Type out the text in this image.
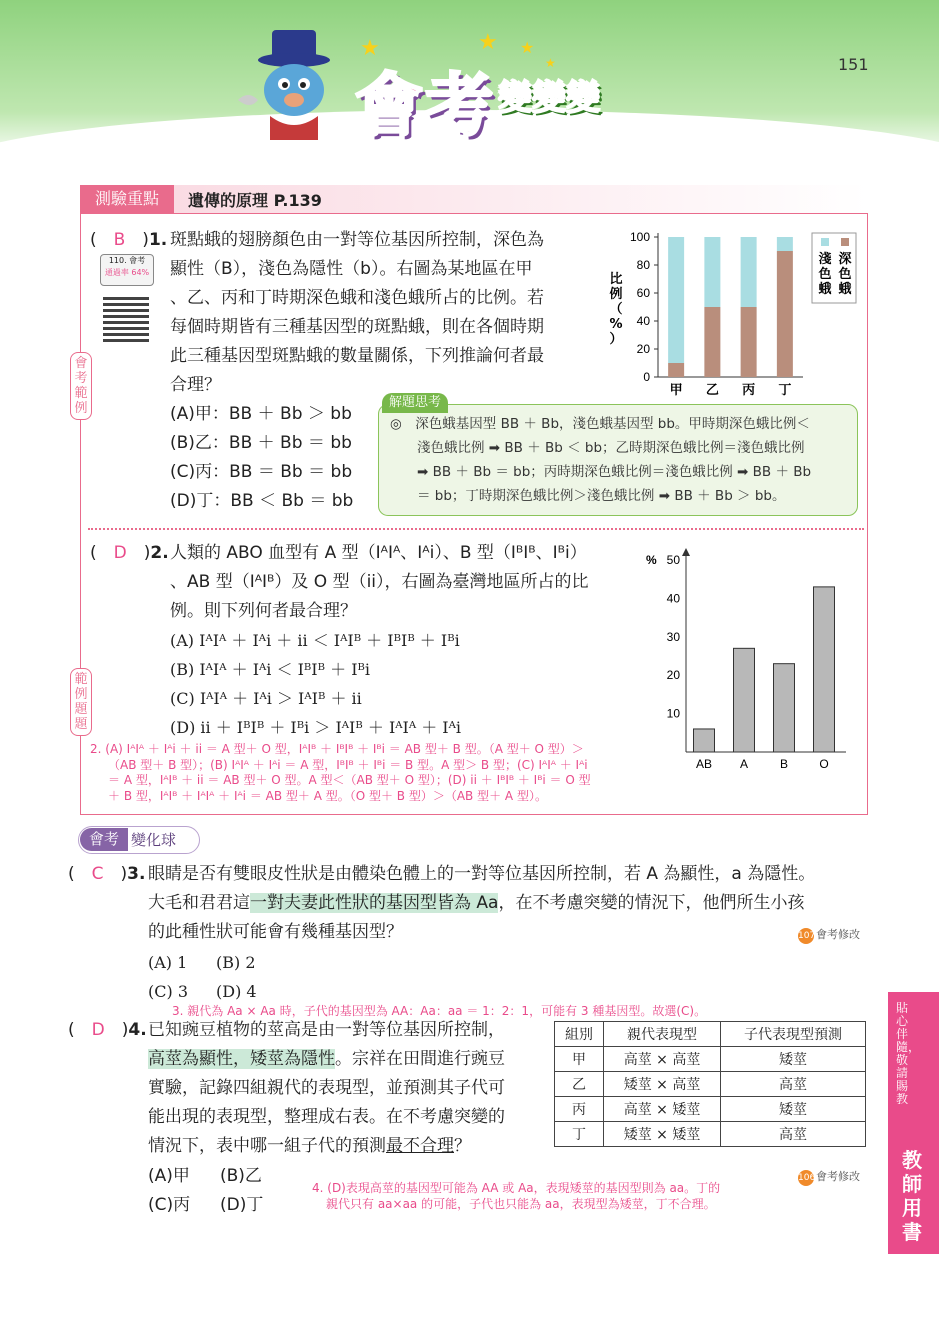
會考 變變變
★	★ ★
★	151
測驗重點	遺傳的原理 P.139
會考範例
範例題題
(　B　)1.
110. 會考
通過率 64%
斑點蛾的翅膀顏色由一對等位基因所控制，深色為
顯性（B），淺色為隱性（b）。右圖為某地區在甲
、乙、丙和丁時期深色蛾和淺色蛾所占的比例。若
每個時期皆有三種基因型的斑點蛾，則在各個時期
此三種基因型斑點蛾的數量關係，下列推論何者最
合理？
(A)甲：BB ＋ Bb ＞ bb
(B)乙：BB ＋ Bb ＝ bb
(C)丙：BB ＝ Bb ＝ bb
(D)丁：BB ＜ Bb ＝ bb
0
20
40
60
80
100
比
例
（
%
）
甲 乙 丙 丁
淺
色
蛾
深
色
蛾
解題思考
◎　深色蛾基因型 BB ＋ Bb，淺色蛾基因型 bb。甲時期深色蛾比例＜
　　淺色蛾比例 ➡ BB ＋ Bb ＜ bb；乙時期深色蛾比例＝淺色蛾比例
　　➡ BB ＋ Bb ＝ bb；丙時期深色蛾比例＝淺色蛾比例 ➡ BB ＋ Bb
　　＝ bb；丁時期深色蛾比例＞淺色蛾比例 ➡ BB ＋ Bb ＞ bb。
(　D　)2. 人類的 ABO 血型有 A 型（IᴬIᴬ、Iᴬi）、B 型（IᴮIᴮ、Iᴮi）
、AB 型（IᴬIᴮ）及 O 型（ii），右圖為臺灣地區所占的比
例。則下列何者最合理？
(A) IᴬIᴬ ＋ Iᴬi ＋ ii ＜ IᴬIᴮ ＋ IᴮIᴮ ＋ Iᴮi
(B) IᴬIᴬ ＋ Iᴬi ＜ IᴮIᴮ ＋ Iᴮi
(C) IᴬIᴬ ＋ Iᴬi ＞ IᴬIᴮ ＋ ii
(D) ii ＋ IᴮIᴮ ＋ Iᴮi ＞ IᴬIᴮ ＋ IᴬIᴬ ＋ Iᴬi
2. (A) IᴬIᴬ ＋ Iᴬi ＋ ii ＝ A 型＋ O 型，IᴬIᴮ ＋ IᴮIᴮ ＋ Iᴮi ＝ AB 型＋ B 型。（A 型＋ O 型）＞
（AB 型＋ B 型）；(B) IᴬIᴬ ＋ Iᴬi ＝ A 型，IᴮIᴮ ＋ Iᴮi ＝ B 型。A 型＞ B 型；(C) IᴬIᴬ ＋ Iᴬi
＝ A 型，IᴬIᴮ ＋ ii ＝ AB 型＋ O 型。A 型＜（AB 型＋ O 型）；(D) ii ＋ IᴮIᴮ ＋ Iᴮi ＝ O 型
＋ B 型，IᴬIᴮ ＋ IᴬIᴬ ＋ Iᴬi ＝ AB 型＋ A 型。（O 型＋ B 型）＞（AB 型＋ A 型）。
%
10
20
30
40
50
AB A	B	O
會考 變化球
(　C　)3. 眼睛是否有雙眼皮性狀是由體染色體上的一對等位基因所控制，若 A 為顯性，a 為隱性。
大毛和君君這一對夫妻此性狀的基因型皆為 Aa，在不考慮突變的情況下，他們所生小孩
的此種性狀可能會有幾種基因型？	107會考修改
(A) 1 (B) 2
(C) 3 (D) 4
3. 親代為 Aa × Aa 時，子代的基因型為 AA：Aa：aa ＝ 1：2：1，可能有 3 種基因型。故選(C)。
(　D　)4. 已知豌豆植物的莖高是由一對等位基因所控制，
高莖為顯性，矮莖為隱性。宗祥在田間進行豌豆
實驗，記錄四組親代的表現型，並預測其子代可
能出現的表現型，整理成右表。在不考慮突變的
情況下，表中哪一組子代的預測最不合理？
(A)甲 (B)乙
(C)丙 (D)丁
組別	親代表現型	子代表現型預測
甲	高莖 × 高莖	矮莖
乙	矮莖 × 高莖	高莖
丙	高莖 × 矮莖	矮莖
丁	矮莖 × 矮莖	高莖
106會考修改
4. (D)表現高莖的基因型可能為 AA 或 Aa，表現矮莖的基因型則為 aa。丁的
親代只有 aa×aa 的可能，子代也只能為 aa，表現型為矮莖，丁不合理。
貼心伴隨，敬請賜教
教師用書
